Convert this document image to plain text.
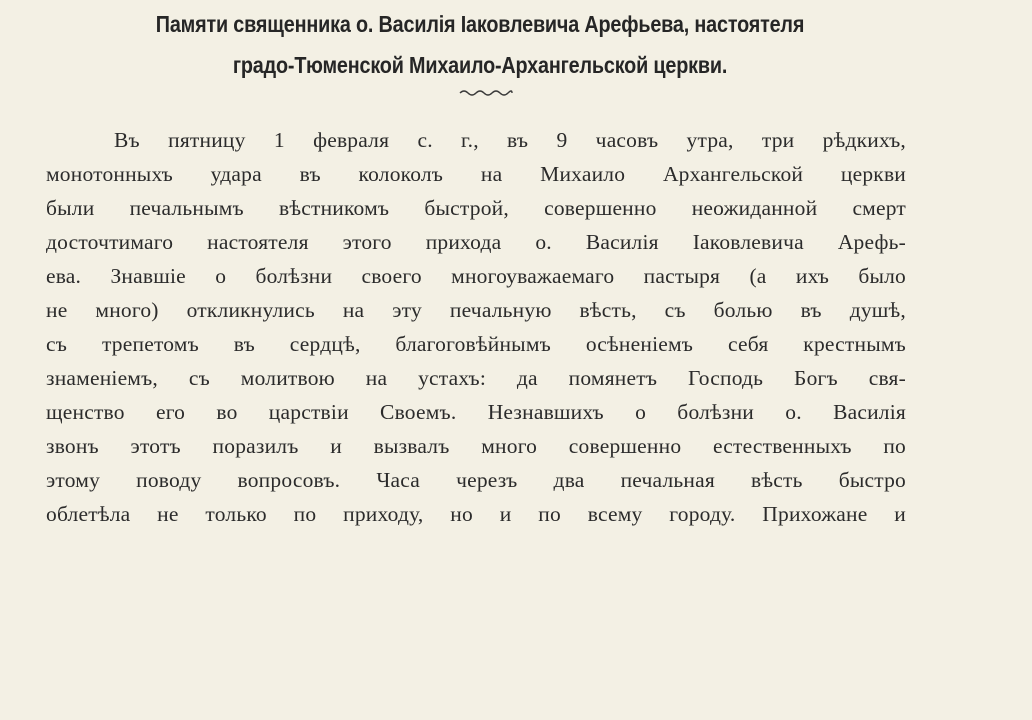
Памяти священника о. Василія Іаковлевича Арефьева, настоятеля
градо-Тюменской Михаило-Архангельской церкви.
Въ пятницу 1 февраля с. г., въ 9 часовъ утра, три рѣдкихъ,
монотонныхъ удара въ колоколъ на Михаило Архангельской церкви
были печальнымъ вѣстникомъ быстрой, совершенно неожиданной смерт
досточтимаго настоятеля этого прихода о. Василія Іаковлевича Арефь-
ева. Знавшіе о болѣзни своего многоуважаемаго пастыря (а ихъ было
не много) откликнулись на эту печальную вѣсть, съ болью въ душѣ,
съ трепетомъ въ сердцѣ, благоговѣйнымъ осѣненіемъ себя крестнымъ
знаменіемъ, съ молитвою на устахъ: да помянетъ Господь Богъ свя-
щенство его во царствіи Своемъ. Незнавшихъ о болѣзни о. Василія
звонъ этотъ поразилъ и вызвалъ много совершенно естественныхъ по
этому поводу вопросовъ. Часа черезъ два печальная вѣсть быстро
облетѣла не только по приходу, но и по всему городу. Прихожане и
